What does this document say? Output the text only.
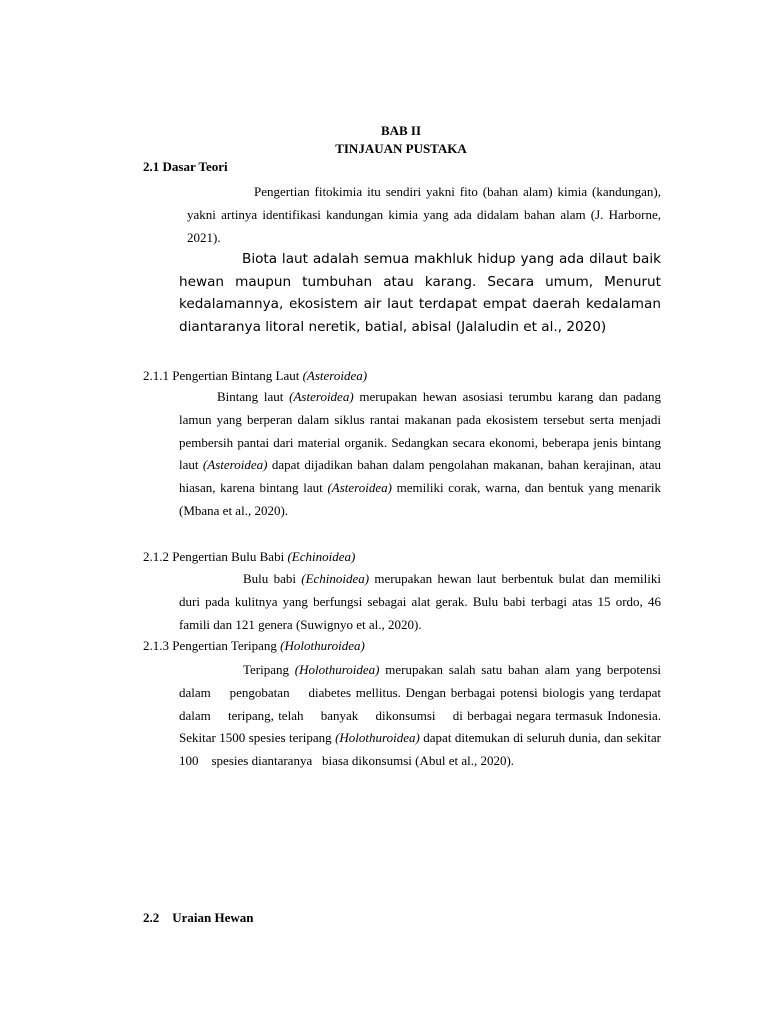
BAB II
TINJAUAN PUSTAKA
2.1 Dasar Teori
Pengertian fitokimia itu sendiri yakni fito (bahan alam) kimia (kandungan), yakni artinya identifikasi kandungan kimia yang ada didalam bahan alam (J. Harborne, 2021).
Biota laut adalah semua makhluk hidup yang ada dilaut baik hewan maupun tumbuhan atau karang. Secara umum, Menurut kedalamannya, ekosistem air laut terdapat empat daerah kedalaman diantaranya litoral neretik, batial, abisal (Jalaludin et al., 2020)
2.1.1 Pengertian Bintang Laut (Asteroidea)
Bintang laut (Asteroidea) merupakan hewan asosiasi terumbu karang dan padang lamun yang berperan dalam siklus rantai makanan pada ekosistem tersebut serta menjadi pembersih pantai dari material organik. Sedangkan secara ekonomi, beberapa jenis bintang laut (Asteroidea) dapat dijadikan bahan dalam pengolahan makanan, bahan kerajinan, atau hiasan, karena bintang laut (Asteroidea) memiliki corak, warna, dan bentuk yang menarik (Mbana et al., 2020).
2.1.2 Pengertian Bulu Babi (Echinoidea)
Bulu babi (Echinoidea) merupakan hewan laut berbentuk bulat dan memiliki duri pada kulitnya yang berfungsi sebagai alat gerak. Bulu babi terbagi atas 15 ordo, 46 famili dan 121 genera (Suwignyo et al., 2020).
2.1.3 Pengertian Teripang (Holothuroidea)
Teripang (Holothuroidea) merupakan salah satu bahan alam yang berpotensi dalam    pengobatan    diabetes mellitus. Dengan berbagai potensi biologis yang terdapat dalam    teripang, telah    banyak    dikonsumsi    di berbagai negara termasuk Indonesia. Sekitar 1500 spesies teripang (Holothuroidea) dapat ditemukan di seluruh dunia, dan sekitar 100    spesies diantaranya   biasa dikonsumsi (Abul et al., 2020).
2.2    Uraian Hewan
